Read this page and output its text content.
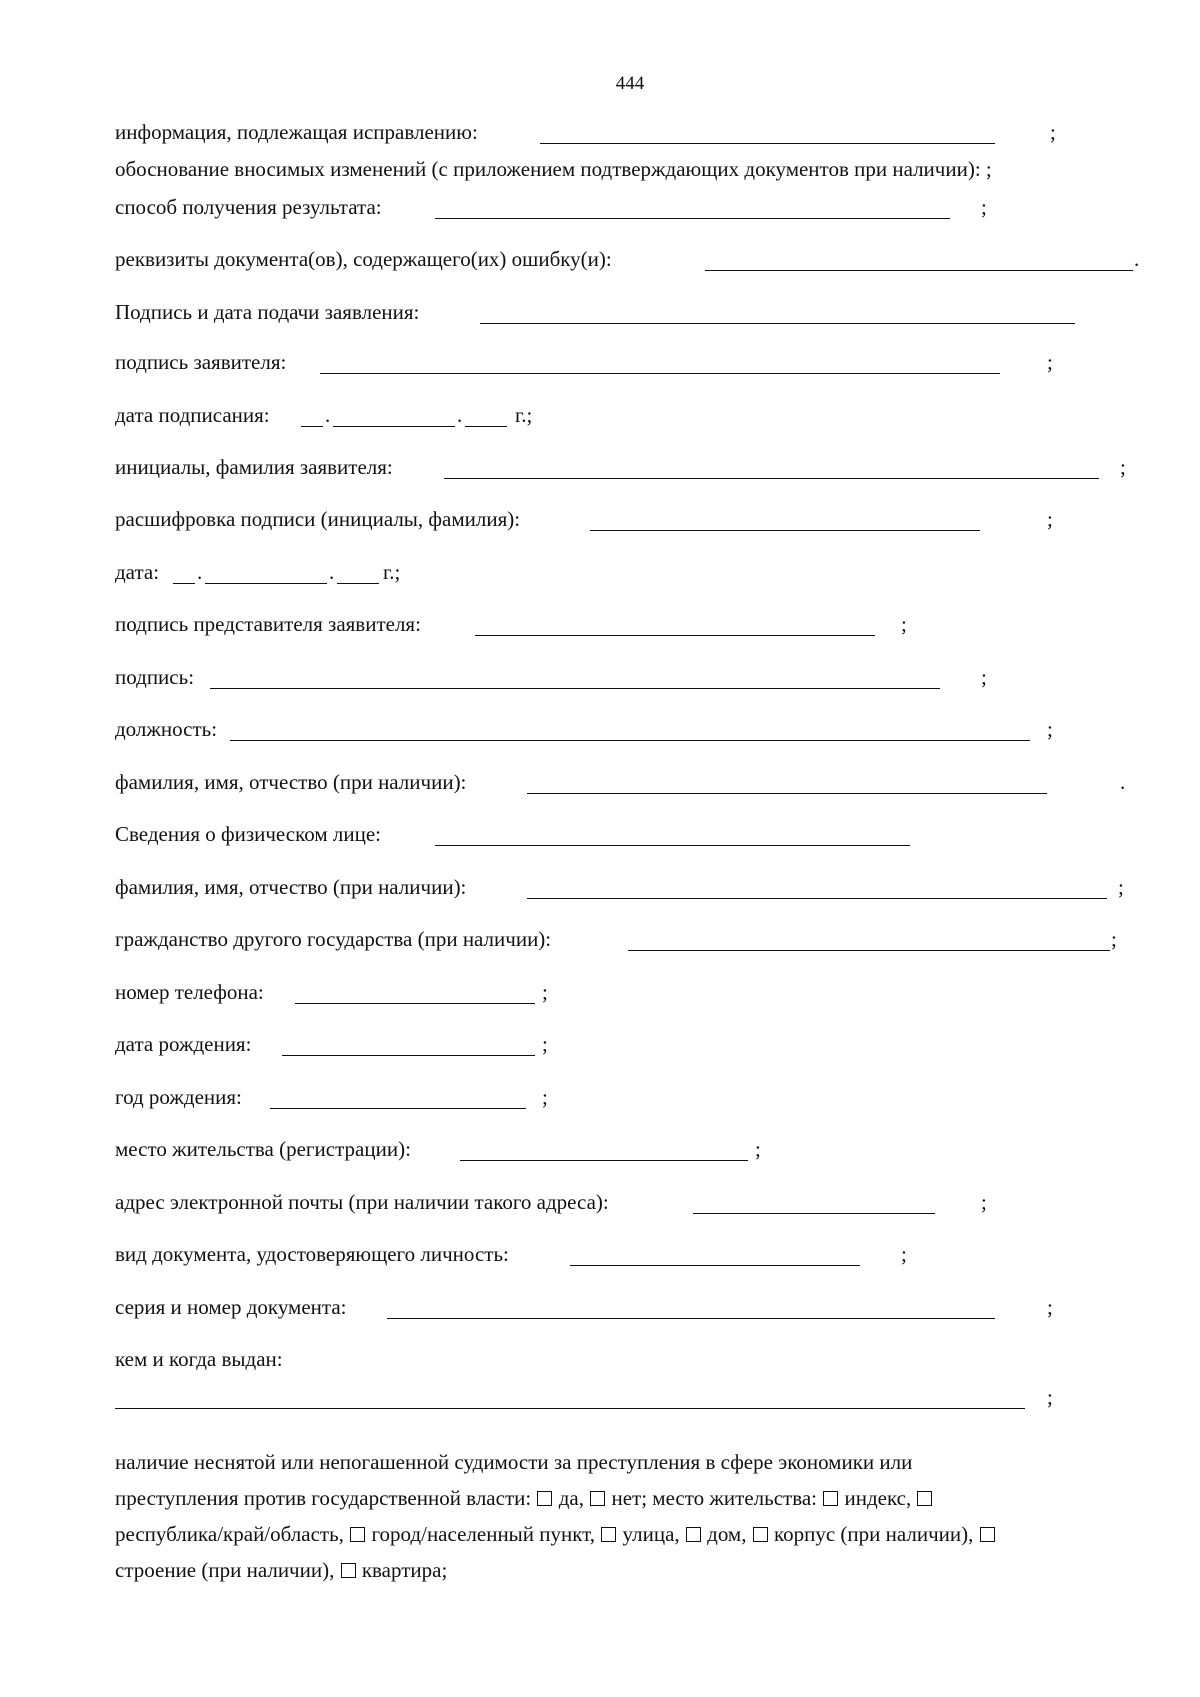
444
информация, подлежащая исправлению:	;
обоснование вносимых изменений (с приложением подтверждающих документов при наличии): ;
способ получения результата:	;
реквизиты документа(ов), содержащего(их) ошибку(и):	.
Подпись и дата подачи заявления:
подпись заявителя:	;
дата подписания:	.	.	г.;
инициалы, фамилия заявителя:	;
расшифровка подписи (инициалы, фамилия):	;
дата: .	. г.;
подпись представителя заявителя:	;
подпись:	;
должность:	;
фамилия, имя, отчество (при наличии):	.
Сведения о физическом лице:
фамилия, имя, отчество (при наличии):	;
гражданство другого государства (при наличии):	;
номер телефона:	;
дата рождения:	;
год рождения:	;
место жительства (регистрации):	;
адрес электронной почты (при наличии такого адреса):	;
вид документа, удостоверяющего личность:	;
серия и номер документа:	;
кем и когда выдан:
;

наличие неснятой или непогашенной судимости за преступления в сфере экономики или

преступления против государственной власти: да, нет; место жительства: индекс,

республика/край/область, город/населенный пункт, улица, дом, корпус (при наличии),

строение (при наличии), квартира;
